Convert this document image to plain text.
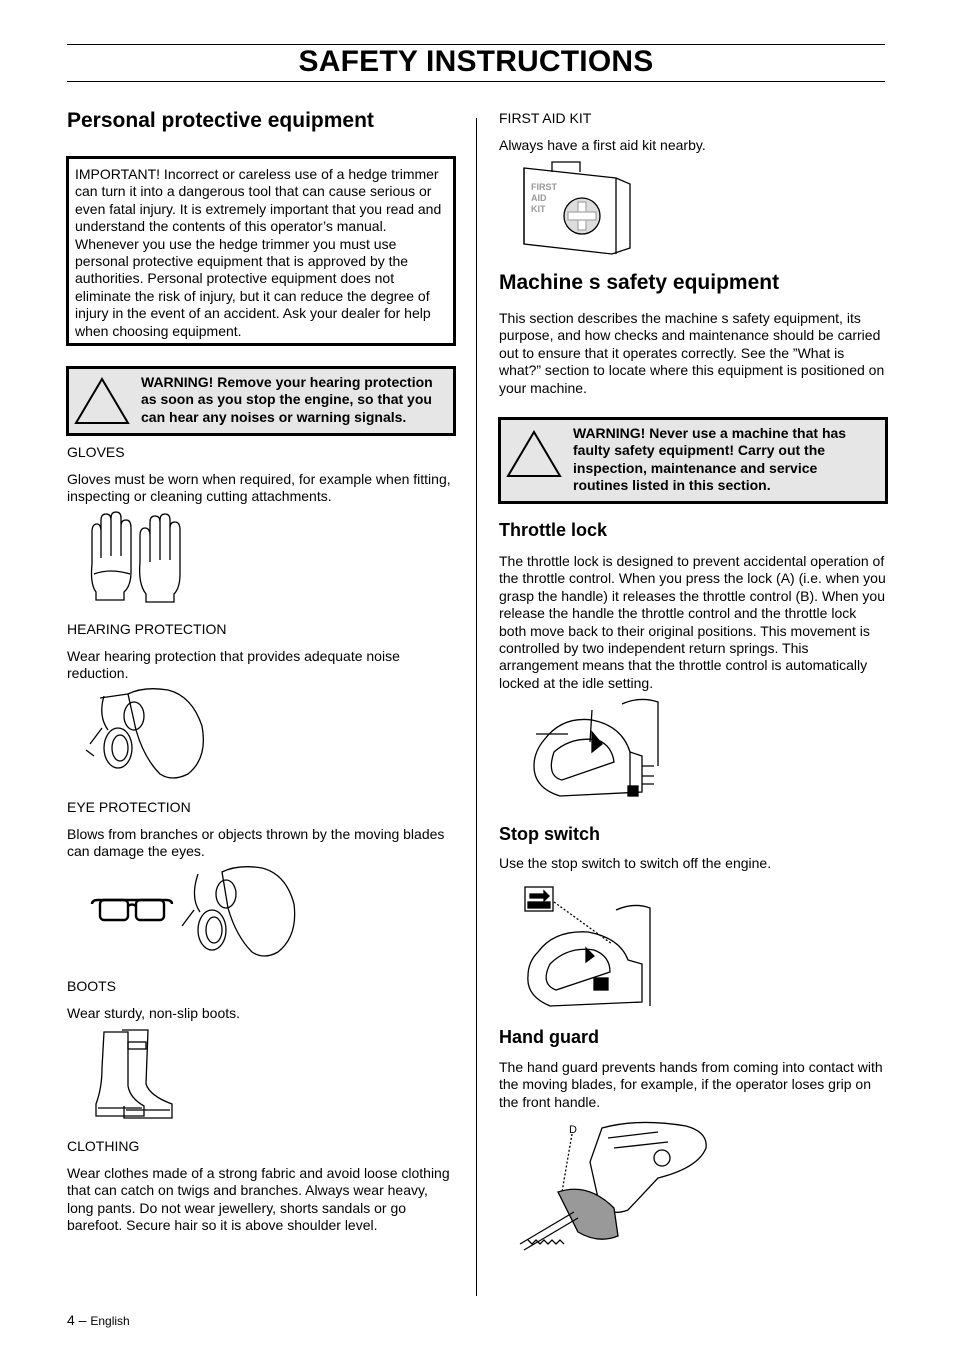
SAFETY INSTRUCTIONS
Personal protective equipment
IMPORTANT! Incorrect or careless use of a hedge trimmer can turn it into a dangerous tool that can cause serious or even fatal injury. It is extremely important that you read and understand the contents of this operator’s manual. Whenever you use the hedge trimmer you must use personal protective equipment that is approved by the authorities. Personal protective equipment does not eliminate the risk of injury, but it can reduce the degree of injury in the event of an accident. Ask your dealer for help when choosing equipment.
WARNING! Remove your hearing protection as soon as you stop the engine, so that you can hear any noises or warning signals.
GLOVES
Gloves must be worn when required, for example when fitting, inspecting or cleaning cutting attachments.
HEARING PROTECTION
Wear hearing protection that provides adequate noise reduction.
EYE PROTECTION
Blows from branches or objects thrown by the moving blades can damage the eyes.
BOOTS
Wear sturdy, non-slip boots.
CLOTHING
Wear clothes made of a strong fabric and avoid loose clothing that can catch on twigs and branches. Always wear heavy, long pants. Do not wear jewellery, shorts sandals or go barefoot. Secure hair so it is above shoulder level.
FIRST AID KIT
Always have a first aid kit nearby.
FIRST
AID
KIT
Machine s safety equipment
This section describes the machine s safety equipment, its purpose, and how checks and maintenance should be carried out to ensure that it operates correctly. See the ”What is what?” section to locate where this equipment is positioned on your machine.
WARNING! Never use a machine that has faulty safety equipment! Carry out the inspection, maintenance and service routines listed in this section.
Throttle lock
The throttle lock is designed to prevent accidental operation of the throttle control. When you press the lock (A) (i.e. when you grasp the handle) it releases the throttle control (B). When you release the handle the throttle control and the throttle lock both move back to their original positions. This movement is controlled by two independent return springs. This arrangement means that the throttle control is automatically locked at the idle setting.
Stop switch
Use the stop switch to switch off the engine.
Hand guard
The hand guard prevents hands from coming into contact with the moving blades, for example, if the operator loses grip on the front handle.
D
4 – English
